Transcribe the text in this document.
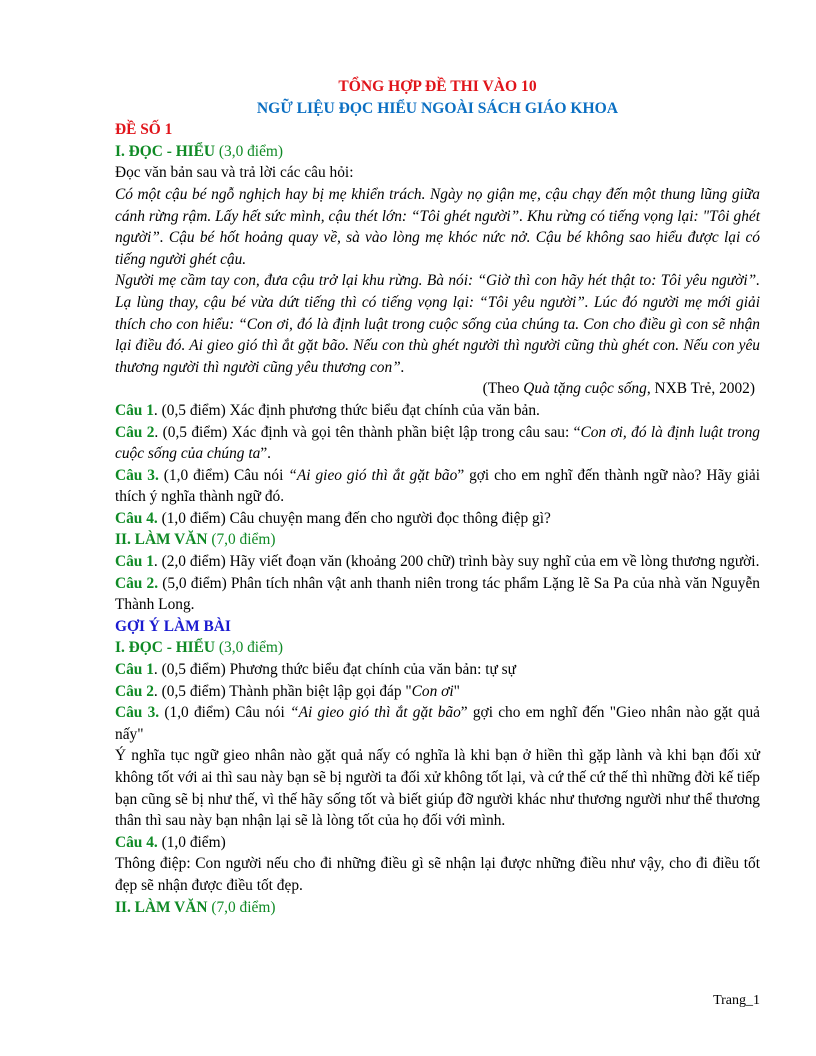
TỔNG HỢP ĐỀ THI VÀO 10
NGỮ LIỆU ĐỌC HIỂU NGOÀI SÁCH GIÁO KHOA
ĐỀ SỐ 1
I. ĐỌC - HIỂU (3,0 điểm)

Đọc văn bản sau và trả lời các câu hỏi:

Có một cậu bé ngỗ nghịch hay bị mẹ khiển trách. Ngày nọ giận mẹ, cậu chạy đến một thung lũng giữa cánh rừng rậm. Lấy hết sức mình, cậu thét lớn: “Tôi ghét người”. Khu rừng có tiếng vọng lại: "Tôi ghét người”. Cậu bé hốt hoảng quay về, sà vào lòng mẹ khóc nức nở. Cậu bé không sao hiểu được lại có tiếng người ghét cậu.

Người mẹ cầm tay con, đưa cậu trở lại khu rừng. Bà nói: “Giờ thì con hãy hét thật to: Tôi yêu người”. Lạ lùng thay, cậu bé vừa dứt tiếng thì có tiếng vọng lại: “Tôi yêu người”. Lúc đó người mẹ mới giải thích cho con hiểu: “Con ơi, đó là định luật trong cuộc sống của chúng ta. Con cho điều gì con sẽ nhận lại điều đó. Ai gieo gió thì ắt gặt bão. Nếu con thù ghét người thì người cũng thù ghét con. Nếu con yêu thương người thì người cũng yêu thương con”.

(Theo Quà tặng cuộc sống, NXB Trẻ, 2002)

Câu 1. (0,5 điểm) Xác định phương thức biểu đạt chính của văn bản.

Câu 2. (0,5 điểm) Xác định và gọi tên thành phần biệt lập trong câu sau: “Con ơi, đó là định luật trong cuộc sống của chúng ta”.

Câu 3. (1,0 điểm) Câu nói “Ai gieo gió thì ắt gặt bão” gợi cho em nghĩ đến thành ngữ nào? Hãy giải thích ý nghĩa thành ngữ đó.

Câu 4. (1,0 điểm) Câu chuyện mang đến cho người đọc thông điệp gì?

II. LÀM VĂN (7,0 điểm)

Câu 1. (2,0 điểm) Hãy viết đoạn văn (khoảng 200 chữ) trình bày suy nghĩ của em về lòng thương người.

Câu 2. (5,0 điểm) Phân tích nhân vật anh thanh niên trong tác phẩm Lặng lẽ Sa Pa của nhà văn Nguyễn Thành Long.

GỢI Ý LÀM BÀI
I. ĐỌC - HIỂU (3,0 điểm)

Câu 1. (0,5 điểm) Phương thức biểu đạt chính của văn bản: tự sự

Câu 2. (0,5 điểm) Thành phần biệt lập gọi đáp "Con ơi"

Câu 3. (1,0 điểm) Câu nói “Ai gieo gió thì ắt gặt bão” gợi cho em nghĩ đến "Gieo nhân nào gặt quả nấy"

Ý nghĩa tục ngữ gieo nhân nào gặt quả nấy có nghĩa là khi bạn ở hiền thì gặp lành và khi bạn đối xử không tốt với ai thì sau này bạn sẽ bị người ta đối xử không tốt lại, và cứ thế cứ thế thì những đời kế tiếp bạn cũng sẽ bị như thế, vì thế hãy sống tốt và biết giúp đỡ người khác như thương người như thể thương thân thì sau này bạn nhận lại sẽ là lòng tốt của họ đối với mình.

Câu 4. (1,0 điểm)

Thông điệp: Con người nếu cho đi những điều gì sẽ nhận lại được những điều như vậy, cho đi điều tốt đẹp sẽ nhận được điều tốt đẹp.

II. LÀM VĂN (7,0 điểm)
Trang_1
